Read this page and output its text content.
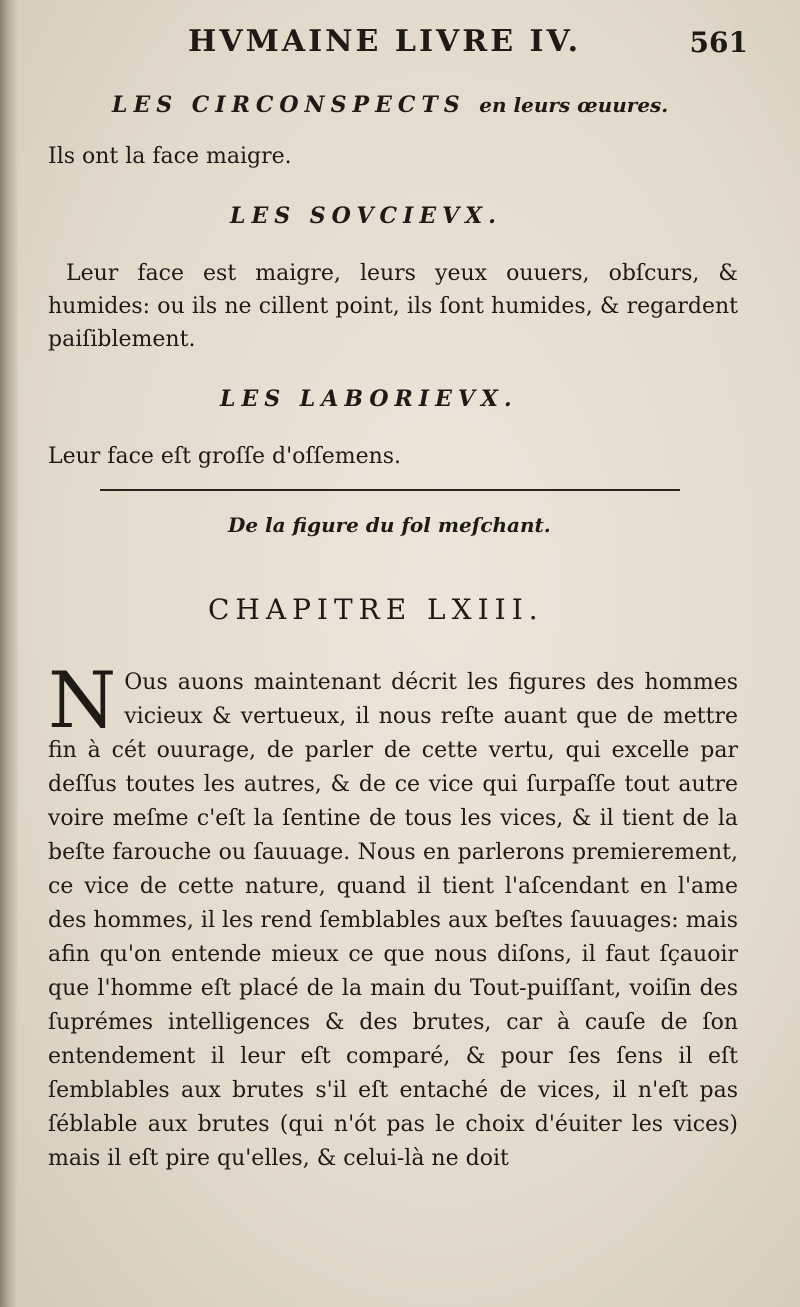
HVMAINE LIVRE IV.	561

LES CIRCONSPECTS en leurs œuures.

Ils ont la face maigre.

LES SOVCIEVX.

Leur face est maigre, leurs yeux ouuers, obſcurs, & humides: ou ils ne cillent point, ils ſont humides, & regardent paiſiblement.

LES LABORIEVX.

Leur face eſt groſſe d'oſſemens.

De la figure du fol meſchant.

CHAPITRE LXIII.

N Ous auons maintenant décrit les figures des hommes vicieux & vertueux, il nous reſte auant que de mettre fin à cét ouurage, de parler de cette vertu, qui excelle par deſſus toutes les autres, & de ce vice qui ſurpaſſe tout autre voire meſme c'eſt la ſentine de tous les vices, & il tient de la beſte farouche ou ſauuage. Nous en parlerons premierement, ce vice de cette nature, quand il tient l'aſcendant en l'ame des hommes, il les rend ſemblables aux beſtes ſauuages: mais afin qu'on entende mieux ce que nous diſons, il faut ſçauoir que l'homme eſt placé de la main du Tout-puiſſant, voiſin des ſuprémes intelligences & des brutes, car à cauſe de ſon entendement il leur eſt comparé, & pour ſes ſens il eſt ſemblables aux brutes s'il eſt entaché de vices, il n'eſt pas ſéblable aux brutes (qui n'ót pas le choix d'éuiter les vices) mais il eſt pire qu'elles, & celui-là ne doit
